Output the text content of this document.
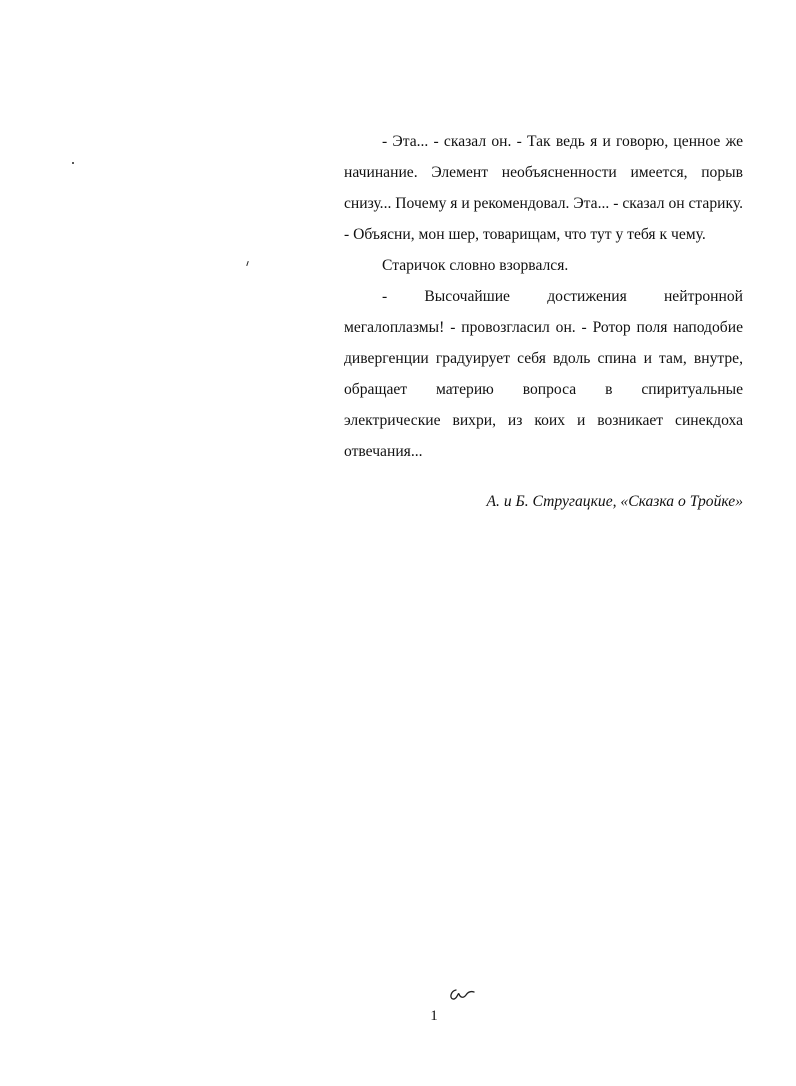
- Эта... - сказал он. - Так ведь я и говорю, ценное же начинание. Элемент необъясненности имеется, порыв снизу... Почему я и рекомендовал. Эта... - сказал он старику. - Объясни, мон шер, товарищам, что тут у тебя к чему.

Старичок словно взорвался.

- Высочайшие достижения нейтронной мегалоплазмы! - провозгласил он. - Ротор поля наподобие дивергенции градуирует себя вдоль спина и там, внутре, обращает материю вопроса в спиритуальные электрические вихри, из коих и возникает синекдоха отвечания...

А. и Б. Стругацкие, «Сказка о Тройке»
1
